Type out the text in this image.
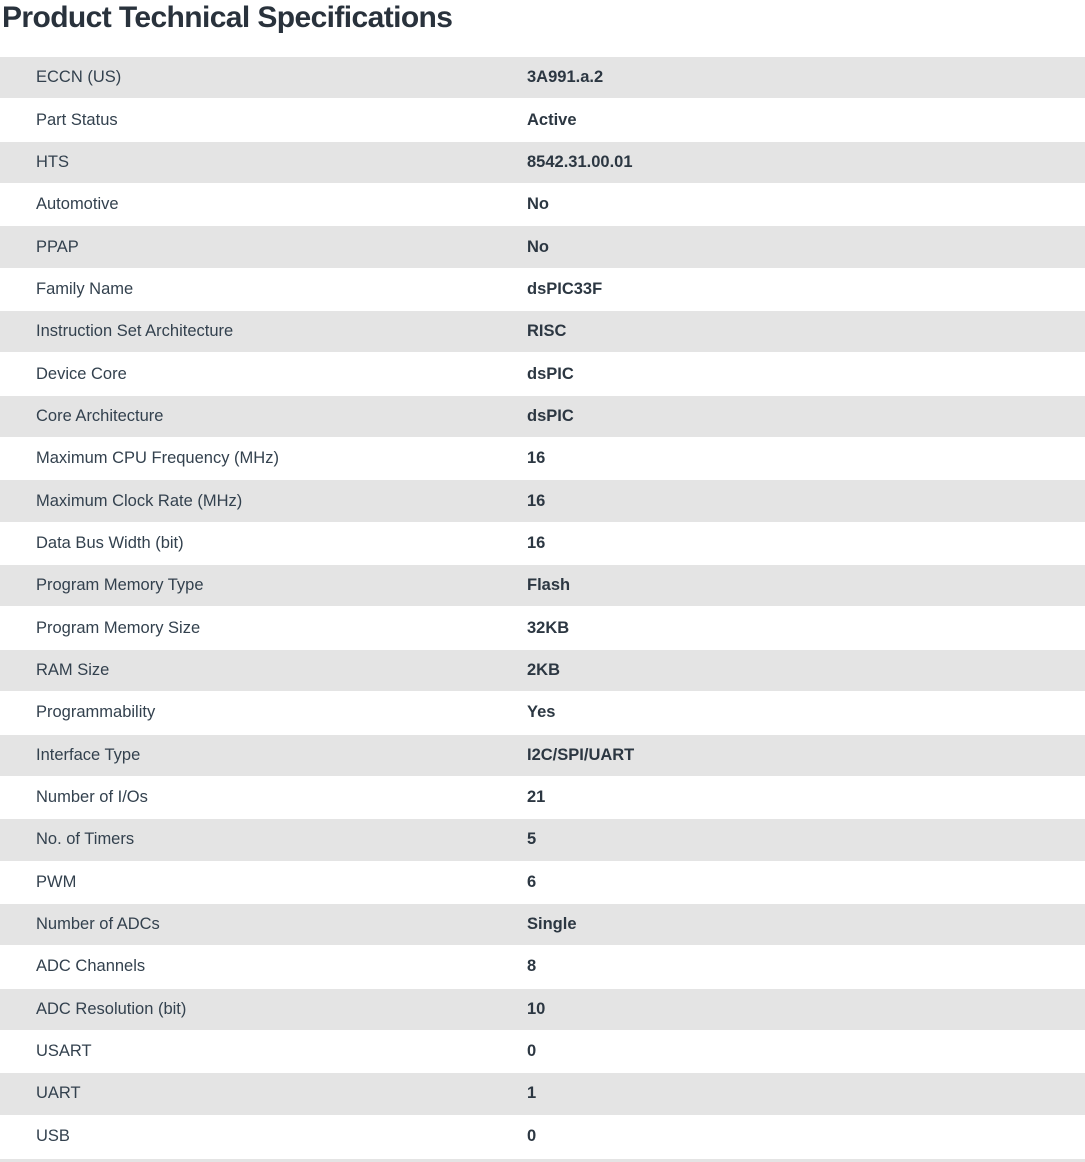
Product Technical Specifications
ECCN (US)	3A991.a.2
Part Status	Active
HTS	8542.31.00.01
Automotive	No
PPAP	No
Family Name	dsPIC33F
Instruction Set Architecture	RISC
Device Core	dsPIC
Core Architecture	dsPIC
Maximum CPU Frequency (MHz)	16
Maximum Clock Rate (MHz)	16
Data Bus Width (bit)	16
Program Memory Type	Flash
Program Memory Size	32KB
RAM Size	2KB
Programmability	Yes
Interface Type	I2C/SPI/UART
Number of I/Os	21
No. of Timers	5
PWM	6
Number of ADCs	Single
ADC Channels	8
ADC Resolution (bit)	10
USART	0
UART	1
USB	0
